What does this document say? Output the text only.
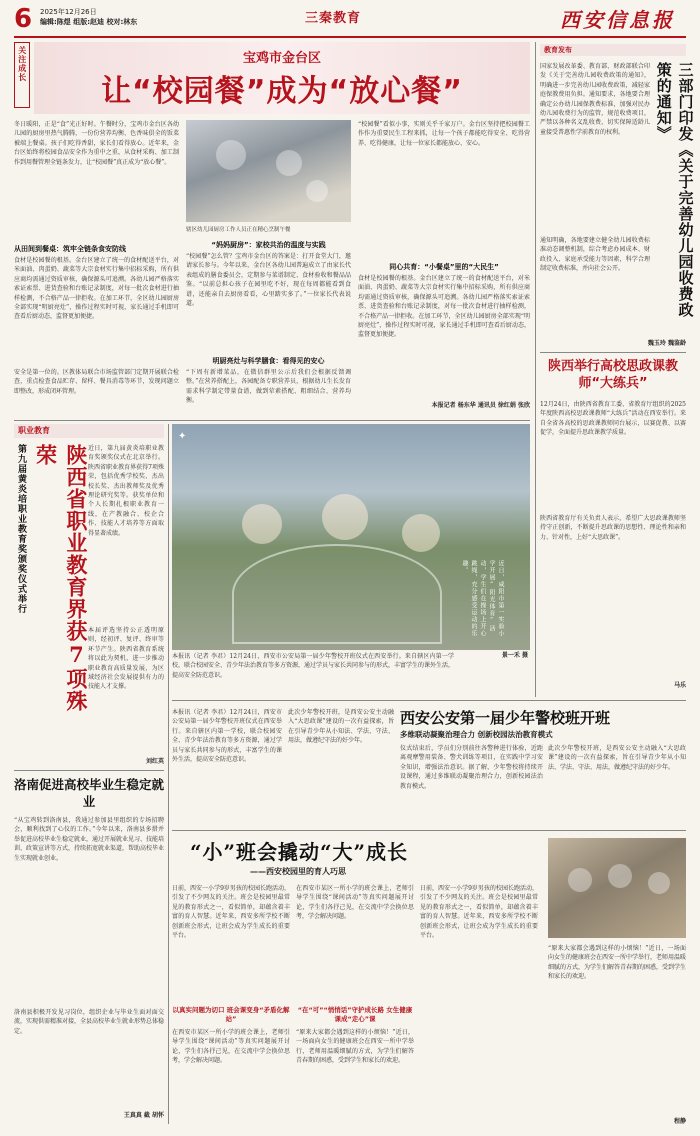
6 2025年12月26日
编辑:陈煜 组版:赵迪 校对:林东	三秦教育	西安信息报
关注成长	宝鸡市金台区
让“校园餐”成为“放心餐”
冬日暖阳，正是“食”光正好时。午餐时分，宝鸡市金台区各幼儿园的厨房里热气腾腾，一份份营养均衡、色香味俱全的饭菜被端上餐桌。孩子们吃得香甜，家长们看得放心。近年来，金台区始终将校园食品安全作为重中之重，从食材采购、加工制作到用餐管理全链条发力，让“校园餐”真正成为“放心餐”。
从田间到餐桌：筑牢全链条食安防线
食材是校园餐的根基。金台区建立了统一的食材配送平台，对米面油、肉蛋奶、蔬菜等大宗食材实行集中招标采购，所有供应商均需通过资质审核，确保源头可追溯。各幼儿园严格落实索证索票、进货查验和台账记录制度，对每一批次食材进行抽样检测，不合格产品一律拒收。在加工环节，全区幼儿园厨房全部实现“明厨亮灶”，操作过程实时可视，家长通过手机即可查看后厨动态，监督更加便捷。
安全是第一位的。区教体局联合市场监管部门定期开展联合检查，重点检查食品贮存、留样、餐具消毒等环节，发现问题立即整改，形成闭环管理。
辖区幼儿园厨房工作人员正在精心烹制午餐
“妈妈厨房”：家校共治的温度与实践
“校园餐”怎么管？宝鸡市金台区的答案是：打开食堂大门，邀请家长参与。今年以来，金台区各幼儿园普遍成立了由家长代表组成的膳食委员会，定期参与菜谱制定、食材验收和餐品品鉴。“以前总担心孩子在园里吃不好，现在每周都能看到食谱，还能亲自去厨房看看，心里踏实多了。”一位家长代表说道。
明厨亮灶与科学膳食：看得见的安心
“下周有新增菜品，在微信群里公示后我们会根据反馈调整。”在营养搭配上，各园配备专职营养员，根据幼儿生长发育需求科学制定带量食谱，做到荤素搭配、粗细结合、营养均衡。
“校园餐”看似小事，实则关乎千家万户。金台区坚持把校园餐工作作为重要民生工程来抓，让每一个孩子都能吃得安全、吃得营养、吃得健康，让每一位家长都能放心、安心。
同心共育：“小餐桌”里的“大民生”
食材是校园餐的根基。金台区建立了统一的食材配送平台，对米面油、肉蛋奶、蔬菜等大宗食材实行集中招标采购，所有供应商均需通过资质审核，确保源头可追溯。各幼儿园严格落实索证索票、进货查验和台账记录制度，对每一批次食材进行抽样检测，不合格产品一律拒收。在加工环节，全区幼儿园厨房全部实现“明厨亮灶”，操作过程实时可视，家长通过手机即可查看后厨动态，监督更加便捷。
本报记者 杨东华 通讯员 徐红娟 张欣
教育发布
国家发展改革委、教育部、财政部联合印发《关于完善幼儿园收费政策的通知》，明确进一步完善幼儿园收费政策，减轻家庭保教费用负担。通知要求，各地要合理确定公办幼儿园保教费标准，加强对民办幼儿园收费行为的监管，规范收费项目，严禁以各种名义乱收费，切实保障适龄儿童接受普惠性学前教育的权利。
通知明确，各地要建立健全幼儿园收费标准动态调整机制，综合考虑办园成本、财政投入、家庭承受能力等因素，科学合理制定收费标准，并向社会公开。	三部门印发《关于完善幼儿园收费政策的通知》
魏玉玲 魏鉴龄
陕西举行高校思政课教师“大练兵”
12月24日，由陕西省教育工委、省教育厅组织的2025年度陕西高校思政课教师“大练兵”活动在西安举行。来自全省各高校的思政课教师同台展示，以赛促教、以赛促学，全面提升思政课教学质量。
陕西省教育厅有关负责人表示，希望广大思政课教师坚持守正创新，不断提升思政课的思想性、理论性和亲和力、针对性，上好“大思政课”。
马乐
职业教育
第九届黄炎培职业教育奖颁奖仪式举行	陕西省职业教育界获7项殊荣	近日，第九届黄炎培职业教育奖颁奖仪式在北京举行。陕西省职业教育界获得7项殊荣，包括优秀学校奖、杰出校长奖、杰出教师奖及优秀理论研究奖等。获奖单位和个人长期扎根职业教育一线，在产教融合、校企合作、技能人才培养等方面取得显著成绩。
本届评选坚持公正透明原则，经初评、复评、终审等环节产生。陕西省教育系统将以此为契机，进一步推动职业教育高质量发展，为区域经济社会发展提供有力的技能人才支撑。
刘红英
✦
近日，咸阳市第一实验小学开展“阳光体育”活动，学生们在操场上开心跳绳，充分感受运动的乐趣。
景一禾 摄
本报讯（记者 李君）12月24日，西安市公安局第一届少年警校开班仪式在西安举行。来自辖区内第一学校，联合校园安全、青少年法治教育等多方资源，通过学员与家长共同参与的形式，丰富学生的课外生活，提高安全防范意识。
西安公安第一届少年警校班开班
多维联动凝聚治理合力 创新校园法治教育模式
本报讯（记者 李君）12月24日，西安市公安局第一届少年警校开班仪式在西安举行。来自辖区内第一学校，联合校园安全、青少年法治教育等多方资源，通过学员与家长共同参与的形式，丰富学生的课外生活，提高安全防范意识。
此次少年警校开班，是西安公安主动融入“大思政课”建设的一次有益探索，旨在引导青少年从小知法、学法、守法、用法，做遵纪守法的好少年。
仪式结束后，学员们分别前往各警种进行体验，近距离观摩警用装备、警犬训练等项目，在实践中学习安全知识，增强法治意识。据了解，少年警校将持续开设课程，通过多维联动凝聚治理合力，创新校园法治教育模式。
此次少年警校开班，是西安公安主动融入“大思政课”建设的一次有益探索，旨在引导青少年从小知法、学法、守法、用法，做遵纪守法的好少年。
洛南促进高校毕业生稳定就业
“从宝鸡转到洛南县，我通过参加县里组织的专场招聘会，顺利找到了心仪的工作。”今年以来，洛南县多措并举促进高校毕业生稳定就业，通过开展就业见习、技能培训、政策宣讲等方式，持续拓宽就业渠道，帮助高校毕业生实现就业创业。
洛南县积极开发见习岗位，组织企业与毕业生面对面交流，实现供需精准对接，全县高校毕业生就业形势总体稳定。
王真真 截 胡怀
“小”班会撬动“大”成长
——西安校园里的育人巧思
日前，西安一小学9岁男孩的校园长跑活动，引发了不少网友的关注。班会是校园里最常见的教育形式之一，看似简单，却蕴含着丰富的育人智慧。近年来，西安多所学校不断创新班会形式，让班会成为学生成长的重要平台。
以真实问题为切口 班会课变身“矛盾化解站”
在西安市某区一所小学的班会课上，老师引导学生围绕“课间活动”等真实问题展开讨论，学生们各抒己见，在交流中学会换位思考，学会解决问题。
在西安市某区一所小学的班会课上，老师引导学生围绕“课间活动”等真实问题展开讨论，学生们各抒己见，在交流中学会换位思考，学会解决问题。
“在“可”“悄悄话”守护成长路 女生健康课成“走心”课
“原来大家都会遇到这样的小烦恼！”近日，一场面向女生的健康班会在西安一所中学举行，老师用温暖细腻的方式，为学生们解答青春期的困惑，受到学生和家长的欢迎。
日前，西安一小学9岁男孩的校园长跑活动，引发了不少网友的关注。班会是校园里最常见的教育形式之一，看似简单，却蕴含着丰富的育人智慧。近年来，西安多所学校不断创新班会形式，让班会成为学生成长的重要平台。
“原来大家都会遇到这样的小烦恼！”近日，一场面向女生的健康班会在西安一所中学举行，老师用温暖细腻的方式，为学生们解答青春期的困惑，受到学生和家长的欢迎。
程静
